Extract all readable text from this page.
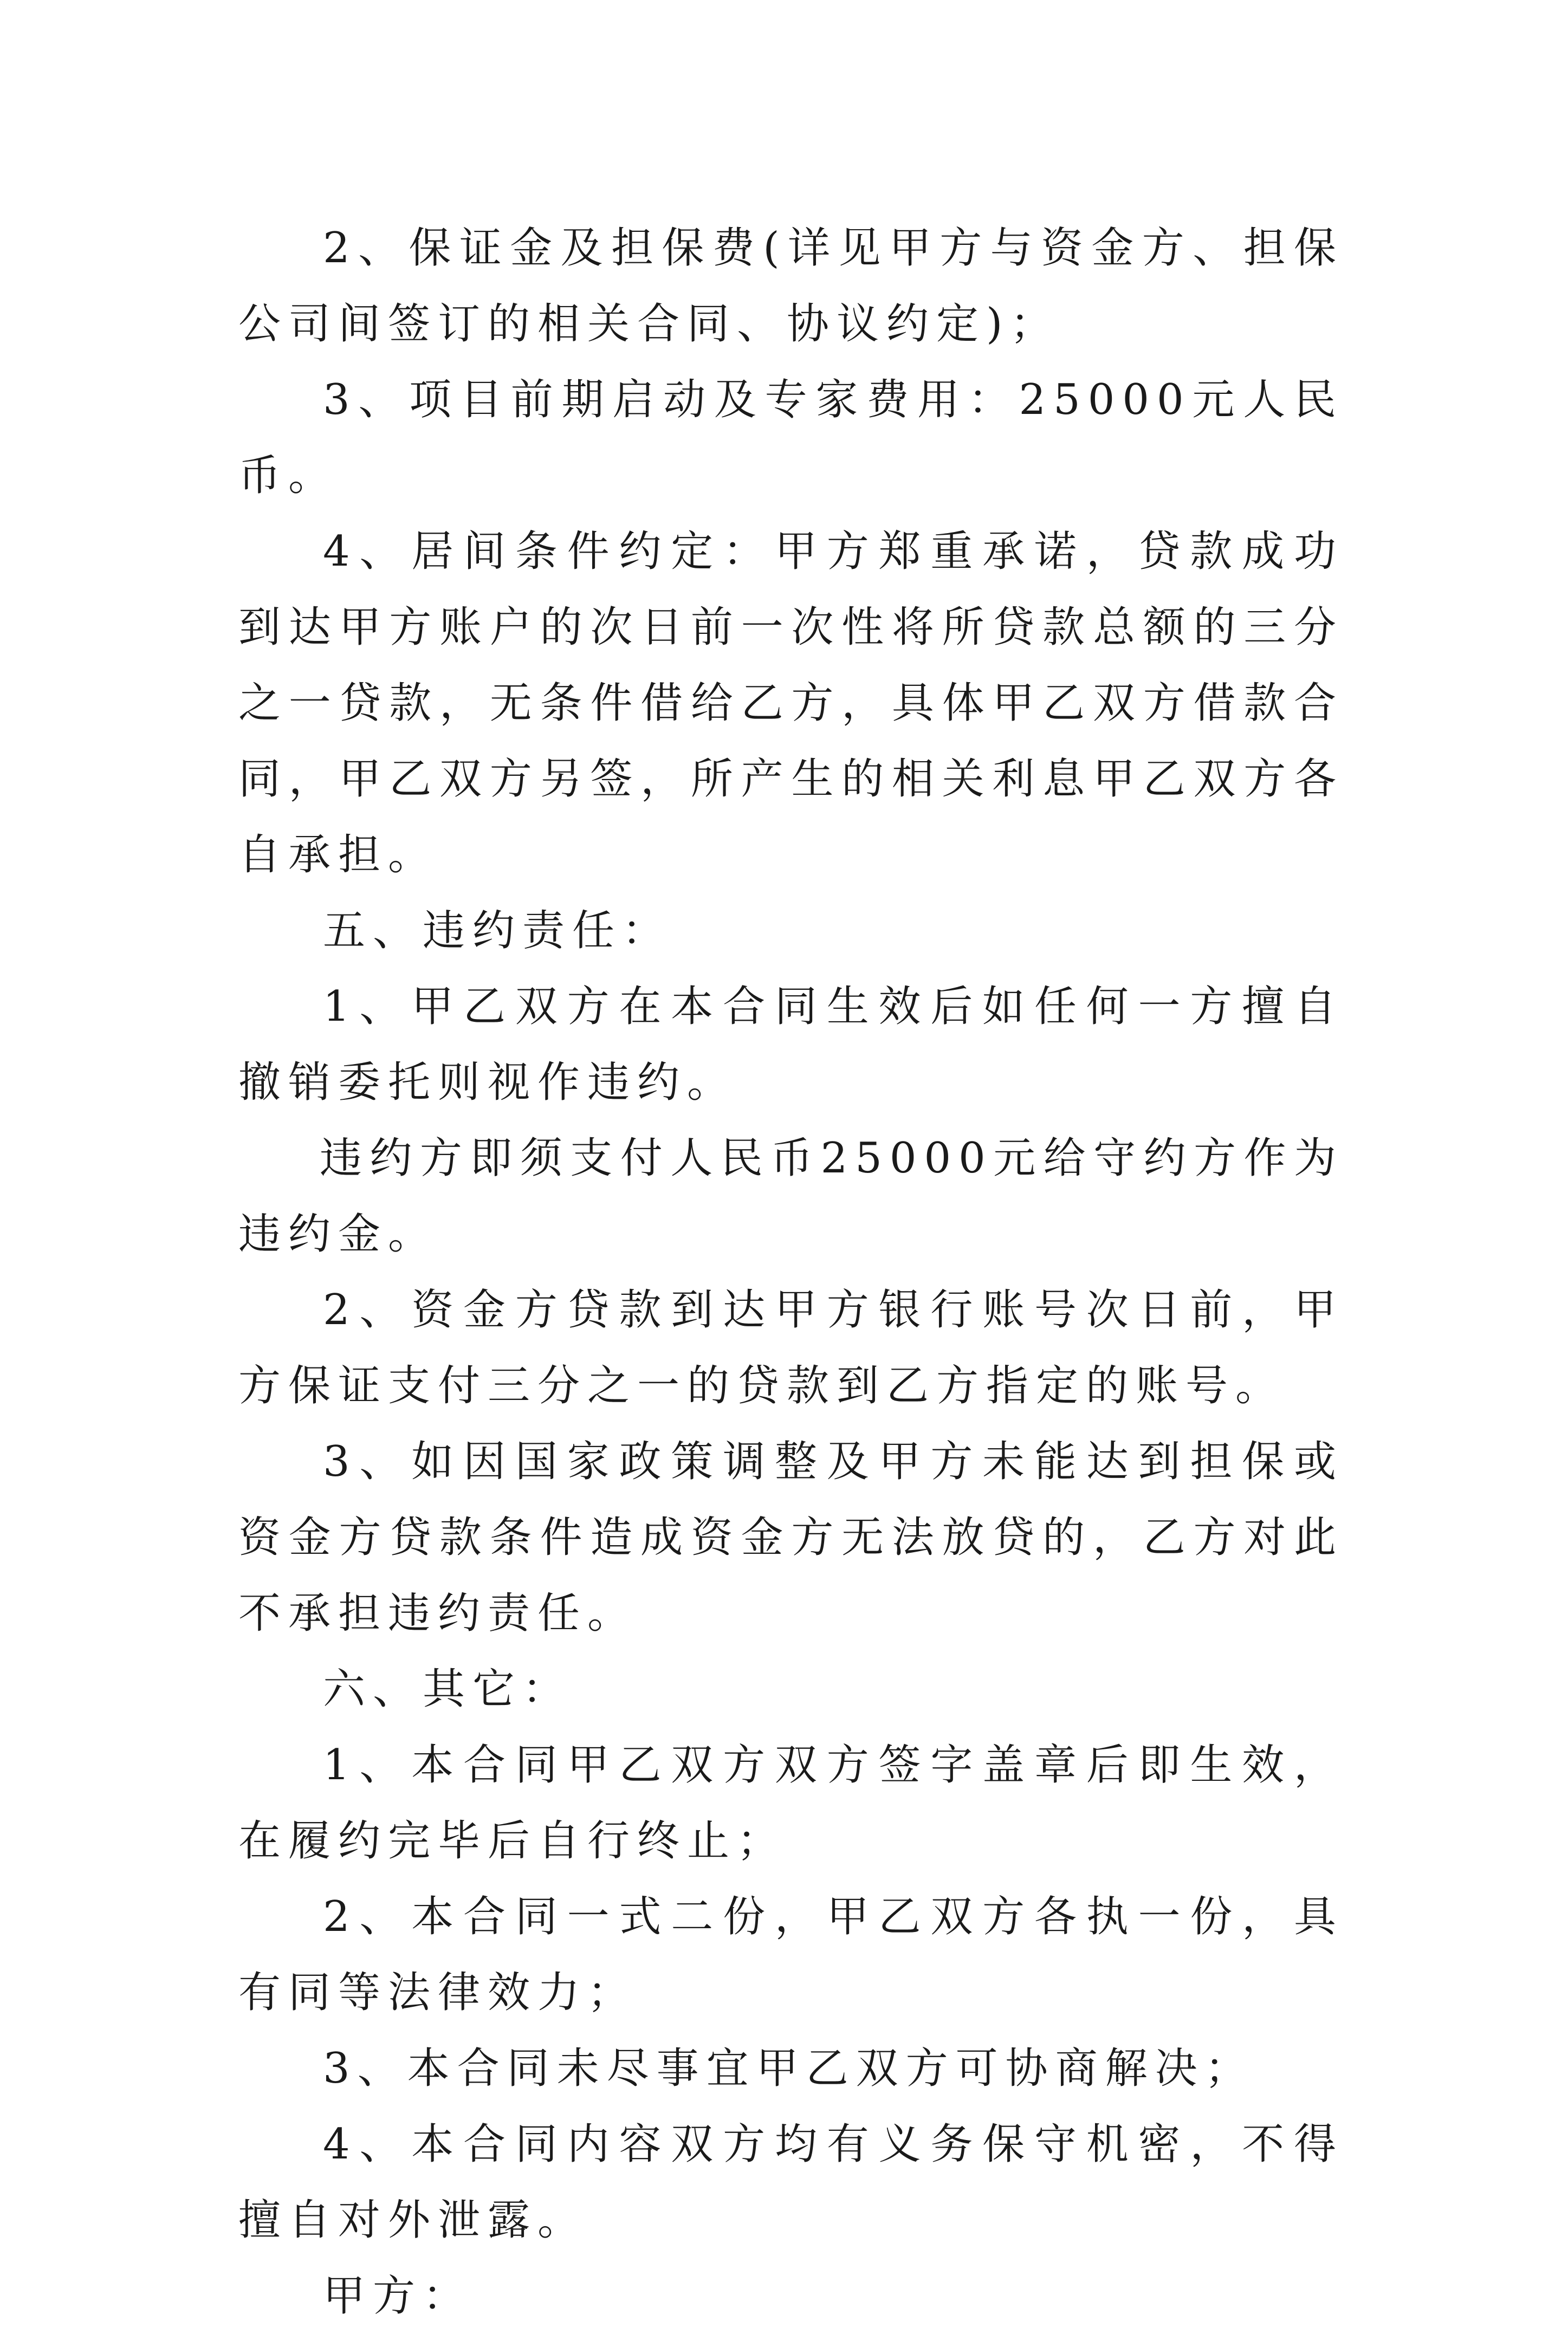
2、保证金及担保费(详见甲方与资金方、担保公司间签订的相关合同、协议约定)；

3、项目前期启动及专家费用：25000元人民币。

4、居间条件约定：甲方郑重承诺，贷款成功到达甲方账户的次日前一次性将所贷款总额的三分之一贷款，无条件借给乙方，具体甲乙双方借款合同，甲乙双方另签，所产生的相关利息甲乙双方各自承担。

五、违约责任：

1、甲乙双方在本合同生效后如任何一方擅自撤销委托则视作违约。

违约方即须支付人民币25000元给守约方作为违约金。

2、资金方贷款到达甲方银行账号次日前，甲方保证支付三分之一的贷款到乙方指定的账号。

3、如因国家政策调整及甲方未能达到担保或资金方贷款条件造成资金方无法放贷的，乙方对此不承担违约责任。

六、其它：

1、本合同甲乙双方双方签字盖章后即生效，在履约完毕后自行终止；

2、本合同一式二份，甲乙双方各执一份，具有同等法律效力；

3、本合同未尽事宜甲乙双方可协商解决；

4、本合同内容双方均有义务保守机密，不得擅自对外泄露。

甲方：
